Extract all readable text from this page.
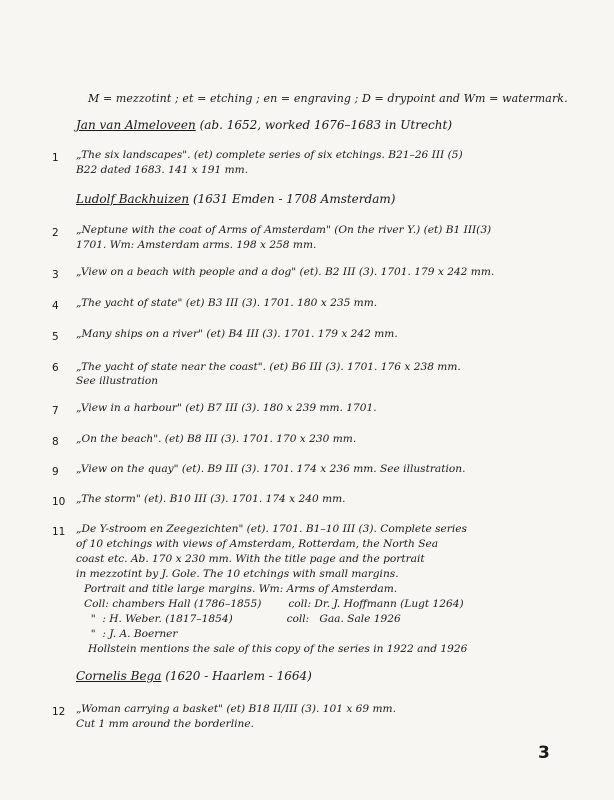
M = mezzotint ; et = etching ; en = engraving ; D = drypoint and Wm = watermark.
Jan van Almeloveen (ab. 1652, worked 1676–1683 in Utrecht)
1 „The six landscapes". (et) complete series of six etchings. B21–26 III (5)
B22 dated 1683. 141 x 191 mm.
Ludolf Backhuizen (1631 Emden - 1708 Amsterdam)
2 „Neptune with the coat of Arms of Amsterdam" (On the river Y.) (et) B1 III(3)
1701. Wm: Amsterdam arms. 198 x 258 mm.
3 „View on a beach with people and a dog" (et). B2 III (3). 1701. 179 x 242 mm.
4 „The yacht of state" (et) B3 III (3). 1701. 180 x 235 mm.
5 „Many ships on a river" (et) B4 III (3). 1701. 179 x 242 mm.
6 „The yacht of state near the coast". (et) B6 III (3). 1701. 176 x 238 mm.
See illustration
7 „View in a harbour" (et) B7 III (3). 180 x 239 mm. 1701.
8 „On the beach". (et) B8 III (3). 1701. 170 x 230 mm.
9 „View on the quay" (et). B9 III (3). 1701. 174 x 236 mm. See illustration.
10 „The storm" (et). B10 III (3). 1701. 174 x 240 mm.
11 „De Y-stroom en Zeegezichten" (et). 1701. B1–10 III (3). Complete series
of 10 etchings with views of Amsterdam, Rotterdam, the North Sea
coast etc. Ab. 170 x 230 mm. With the title page and the portrait
in mezzotint by J. Gole. The 10 etchings with small margins.
Portrait and title large margins. Wm: Arms of Amsterdam.
Coll: chambers Hall (1786–1855)        coll: Dr. J. Hoffmann (Lugt 1264)
"  : H. Weber. (1817–1854)                coll:   Gaa. Sale 1926
"  : J. A. Boerner
Hollstein mentions the sale of this copy of the series in 1922 and 1926
Cornelis Bega (1620 - Haarlem - 1664)
12 „Woman carrying a basket" (et) B18 II/III (3). 101 x 69 mm.
Cut 1 mm around the borderline.
3
